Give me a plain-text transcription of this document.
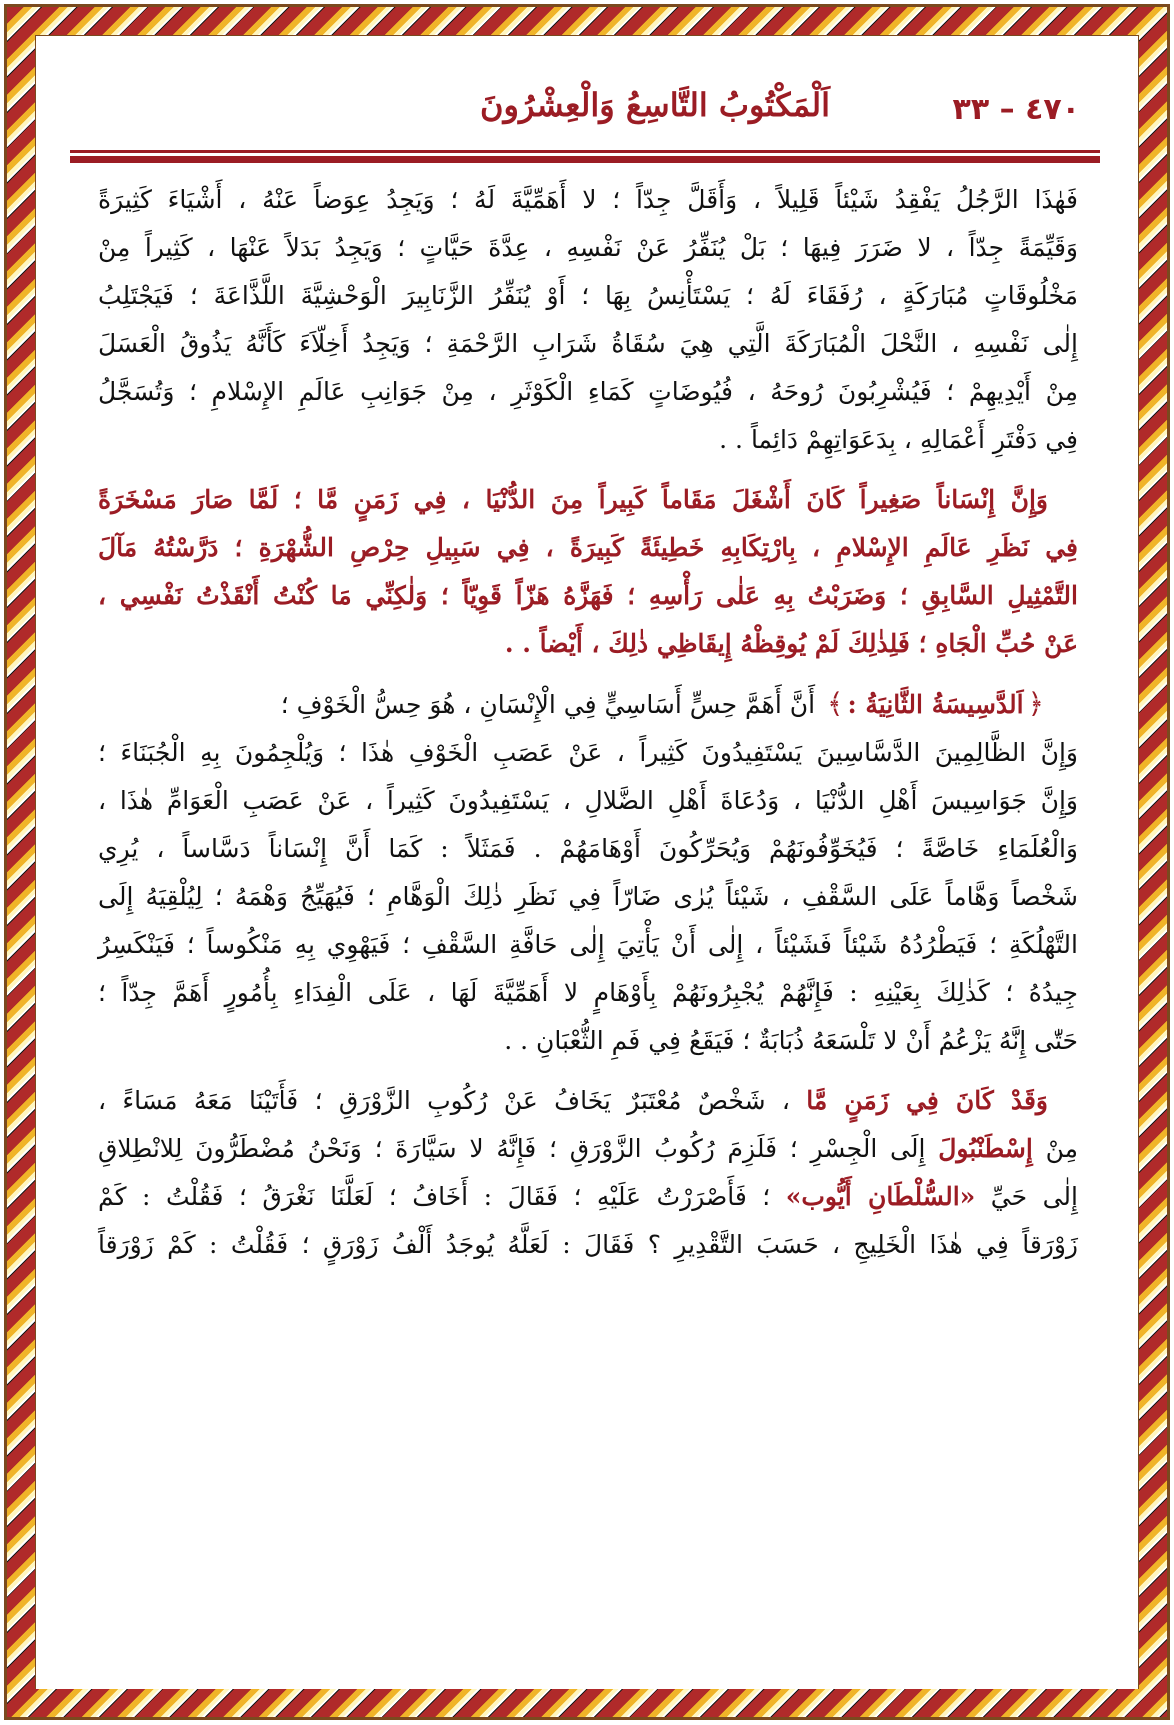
٤٧٠ – ٣٣
اَلْمَكْتُوبُ التَّاسِعُ وَالْعِشْرُونَ
فَهٰذَا الرَّجُلُ يَفْقِدُ شَيْئاً قَلِيلاً ، وَأَقَلَّ جِدّاً ؛ لا أَهَمِّيَّةَ لَهُ ؛ وَيَجِدُ عِوَضاً عَنْهُ ، أَشْيَاءَ كَثِيرَةً
وَقَيِّمَةً جِدّاً ، لا ضَرَرَ فِيهَا ؛ بَلْ يُنَفِّرُ عَنْ نَفْسِهِ ، عِدَّةَ حَيَّاتٍ ؛ وَيَجِدُ بَدَلاً عَنْهَا ، كَثِيراً مِنْ
مَخْلُوقَاتٍ مُبَارَكَةٍ ، رُفَقَاءَ لَهُ ؛ يَسْتَأْنِسُ بِهَا ؛ أَوْ يُنَفِّرُ الزَّنَابِيرَ الْوَحْشِيَّةَ اللَّذَّاعَةَ ؛ فَيَجْتَلِبُ
إِلٰى نَفْسِهِ ، النَّحْلَ الْمُبَارَكَةَ الَّتِي هِيَ سُقَاةُ شَرَابِ الرَّحْمَةِ ؛ وَيَجِدُ أَخِلّاَءَ كَأَنَّهُ يَذُوقُ الْعَسَلَ
مِنْ أَيْدِيهِمْ ؛ فَيُشْرِبُونَ رُوحَهُ ، فُيُوضَاتٍ كَمَاءِ الْكَوْثَرِ ، مِنْ جَوَانِبِ عَالَمِ الإِسْلامِ ؛ وَتُسَجَّلُ
فِي دَفْتَرِ أَعْمَالِهِ ، بِدَعَوَاتِهِمْ دَائِماً . .
وَإِنَّ إِنْسَاناً صَغِيراً كَانَ أَشْغَلَ مَقَاماً كَبِيراً مِنَ الدُّنْيَا ، فِي زَمَنٍ مَّا ؛ لَمَّا صَارَ مَسْخَرَةً
فِي نَظَرِ عَالَمِ الإِسْلامِ ، بِارْتِكَابِهِ خَطِيئَةً كَبِيرَةً ، فِي سَبِيلِ حِرْصِ الشُّهْرَةِ ؛ دَرَّسْتُهُ مَآلَ
التَّمْثِيلِ السَّابِقِ ؛ وَضَرَبْتُ بِهِ عَلٰى رَأْسِهِ ؛ فَهَزَّهُ هَزّاً قَوِيّاً ؛ وَلٰكِنِّي مَا كُنْتُ أَنْقَذْتُ نَفْسِي ،
عَنْ حُبِّ الْجَاهِ ؛ فَلِذٰلِكَ لَمْ يُوقِظْهُ إِيقَاظِي ذٰلِكَ ، أَيْضاً . .
﴿اَلدَّسِيسَةُ الثَّانِيَةُ :﴾ أَنَّ أَهَمَّ حِسٍّ أَسَاسِيٍّ فِي الْإِنْسَانِ ، هُوَ حِسُّ الْخَوْفِ ؛
وَإِنَّ الظَّالِمِينَ الدَّسَّاسِينَ يَسْتَفِيدُونَ كَثِيراً ، عَنْ عَصَبِ الْخَوْفِ هٰذَا ؛ وَيُلْجِمُونَ بِهِ الْجُبَنَاءَ ؛
وَإِنَّ جَوَاسِيسَ أَهْلِ الدُّنْيَا ، وَدُعَاةَ أَهْلِ الضَّلالِ ، يَسْتَفِيدُونَ كَثِيراً ، عَنْ عَصَبِ الْعَوَامِّ هٰذَا ،
وَالْعُلَمَاءِ خَاصَّةً ؛ فَيُخَوِّفُونَهُمْ وَيُحَرِّكُونَ أَوْهَامَهُمْ . فَمَثَلاً : كَمَا أَنَّ إِنْسَاناً دَسَّاساً ، يُرِي
شَخْصاً وَهَّاماً عَلَى السَّقْفِ ، شَيْئاً يُرٰى ضَارّاً فِي نَظَرِ ذٰلِكَ الْوَهَّامِ ؛ فَيُهَيِّجُ وَهْمَهُ ؛ لِيُلْقِيَهُ إِلَى
التَّهْلُكَةِ ؛ فَيَطْرُدُهُ شَيْئاً فَشَيْئاً ، إِلٰى أَنْ يَأْتِيَ إِلٰى حَافَّةِ السَّقْفِ ؛ فَيَهْوِي بِهِ مَنْكُوساً ؛ فَيَنْكَسِرُ
جِيدُهُ ؛ كَذٰلِكَ بِعَيْنِهِ : فَإِنَّهُمْ يُجْبِرُونَهُمْ بِأَوْهَامٍ لا أَهَمِّيَّةَ لَهَا ، عَلَى الْفِدَاءِ بِأُمُورٍ أَهَمَّ جِدّاً ؛
حَتّٰى إِنَّهُ يَزْعُمُ أَنْ لا تَلْسَعَهُ ذُبَابَةٌ ؛ فَيَقَعُ فِي فَمِ الثُّعْبَانِ . .
وَقَدْ كَانَ فِي زَمَنٍ مَّا ، شَخْصٌ مُعْتَبَرٌ يَخَافُ عَنْ رُكُوبِ الزَّوْرَقِ ؛ فَأَتَيْنَا مَعَهُ مَسَاءً ،
مِنْ إِسْطَنْبُولَ إِلَى الْجِسْرِ ؛ فَلَزِمَ رُكُوبُ الزَّوْرَقِ ؛ فَإِنَّهُ لا سَيَّارَةَ ؛ وَنَحْنُ مُضْطَرُّونَ لِلانْطِلاقِ
إِلٰى حَيِّ «السُّلْطَانِ أَيُّوب» ؛ فَأَصْرَرْتُ عَلَيْهِ ؛ فَقَالَ : أَخَافُ ؛ لَعَلَّنَا نَغْرَقُ ؛ فَقُلْتُ : كَمْ
زَوْرَقاً فِي هٰذَا الْخَلِيجِ ، حَسَبَ التَّقْدِيرِ ؟ فَقَالَ : لَعَلَّهُ يُوجَدُ أَلْفُ زَوْرَقٍ ؛ فَقُلْتُ : كَمْ زَوْرَقاً
